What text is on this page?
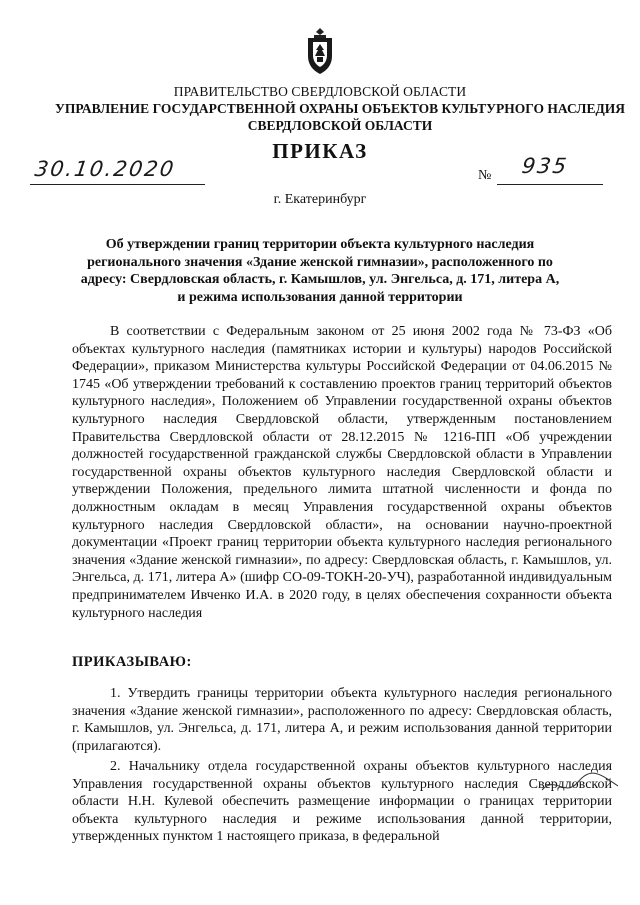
ПРАВИТЕЛЬСТВО СВЕРДЛОВСКОЙ ОБЛАСТИ
УПРАВЛЕНИЕ ГОСУДАРСТВЕННОЙ ОХРАНЫ ОБЪЕКТОВ КУЛЬТУРНОГО НАСЛЕДИЯ
СВЕРДЛОВСКОЙ ОБЛАСТИ
ПРИКАЗ
30.10.2020	№ 935
г. Екатеринбург
Об утверждении границ территории объекта культурного наследия регионального значения «Здание женской гимназии», расположенного по адресу: Свердловская область, г. Камышлов, ул. Энгельса, д. 171, литера А, и режима использования данной территории

В соответствии с Федеральным законом от 25 июня 2002 года № 73-ФЗ «Об объектах культурного наследия (памятниках истории и культуры) народов Российской Федерации», приказом Министерства культуры Российской Федерации от 04.06.2015 № 1745 «Об утверждении требований к составлению проектов границ территорий объектов культурного наследия», Положением об Управлении государственной охраны объектов культурного наследия Свердловской области, утвержденным постановлением Правительства Свердловской области от 28.12.2015 № 1216-ПП «Об учреждении должностей государственной гражданской службы Свердловской области в Управлении государственной охраны объектов культурного наследия Свердловской области и утверждении Положения, предельного лимита штатной численности и фонда по должностным окладам в месяц Управления государственной охраны объектов культурного наследия Свердловской области», на основании научно-проектной документации «Проект границ территории объекта культурного наследия регионального значения «Здание женской гимназии», по адресу: Свердловская область, г. Камышлов, ул. Энгельса, д. 171, литера А» (шифр СО-09-ТОКН-20-УЧ), разработанной индивидуальным предпринимателем Ивченко И.А. в 2020 году, в целях обеспечения сохранности объекта культурного наследия

ПРИКАЗЫВАЮ:

1. Утвердить границы территории объекта культурного наследия регионального значения «Здание женской гимназии», расположенного по адресу: Свердловская область, г. Камышлов, ул. Энгельса, д. 171, литера А, и режим использования данной территории (прилагаются).

2. Начальнику отдела государственной охраны объектов культурного наследия Управления государственной охраны объектов культурного наследия Свердловской области Н.Н. Кулевой обеспечить размещение информации о границах территории объекта культурного наследия и режиме использования данной территории, утвержденных пунктом 1 настоящего приказа, в федеральной
